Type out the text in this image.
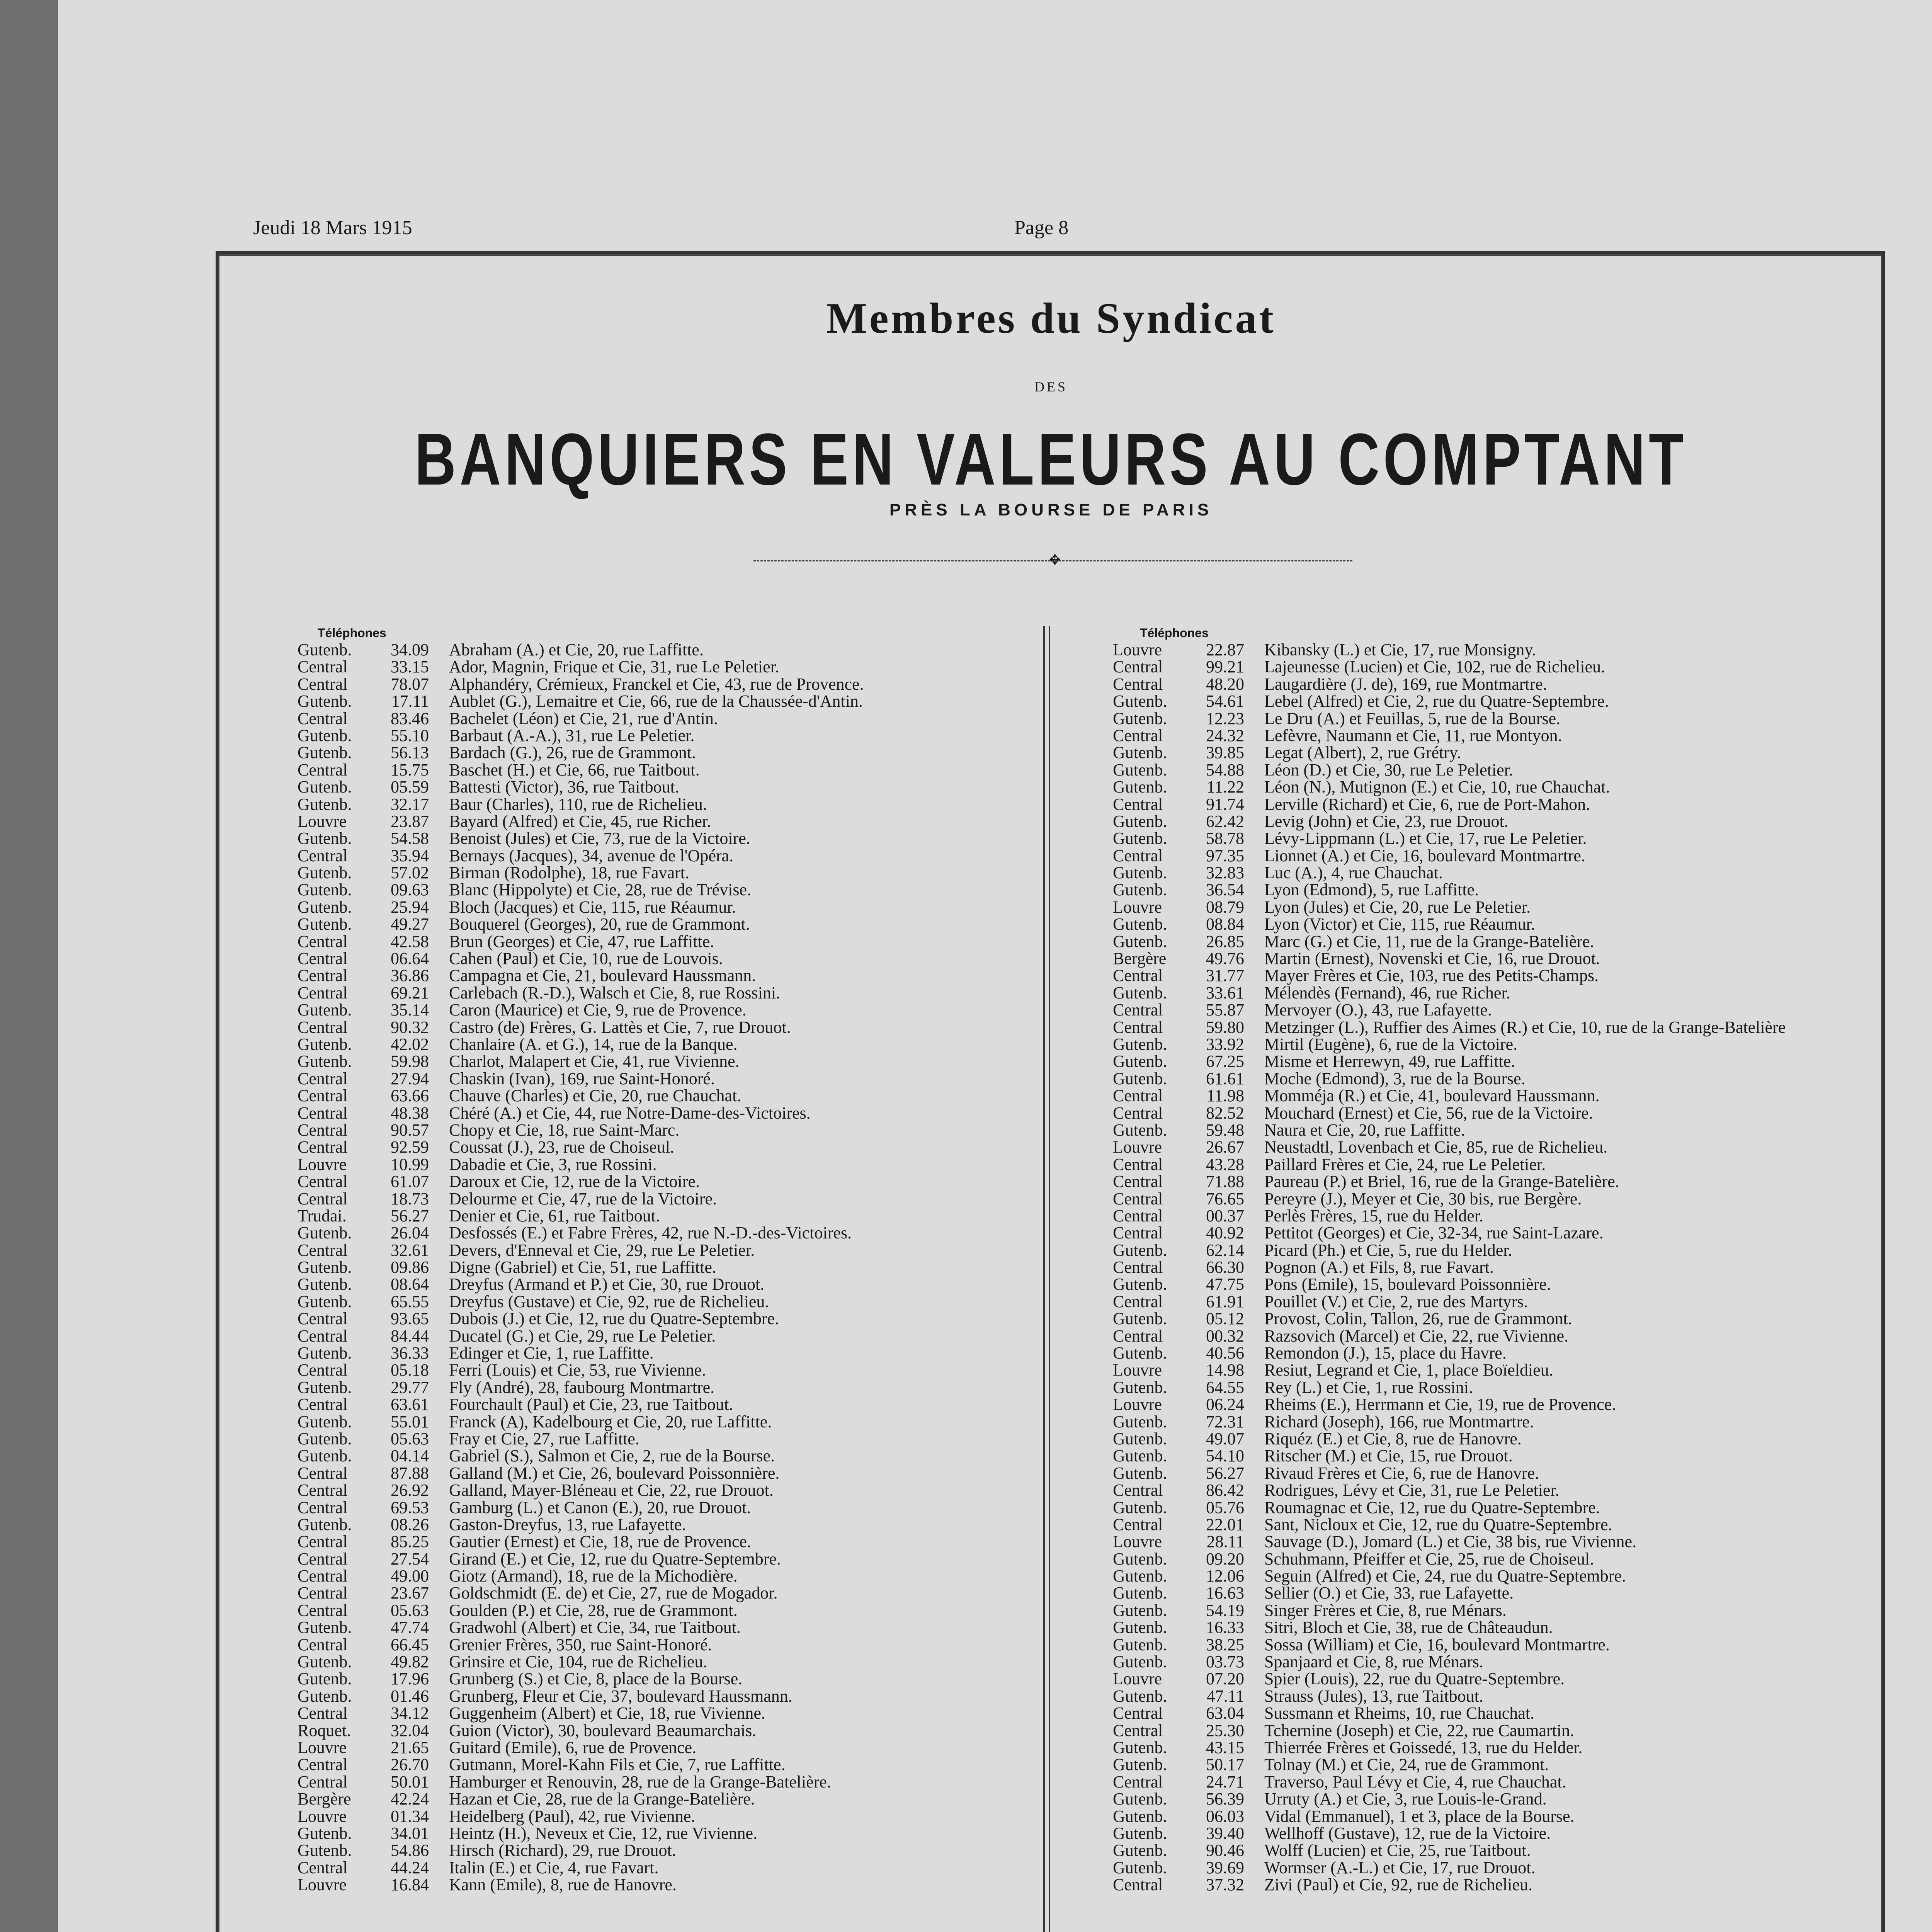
Jeudi 18 Mars 1915	Page 8
Membres du Syndicat
DES
BANQUIERS EN VALEURS AU COMPTANT
PRÈS LA BOURSE DE PARIS
✥
Téléphones	Téléphones
Gutenb.	34.09 Abraham (A.) et Cie, 20, rue Laffitte.
Central	33.15 Ador, Magnin, Frique et Cie, 31, rue Le Peletier.
Central	78.07 Alphandéry, Crémieux, Franckel et Cie, 43, rue de Provence.
Gutenb.	17.11 Aublet (G.), Lemaitre et Cie, 66, rue de la Chaussée-d'Antin.
Central	83.46 Bachelet (Léon) et Cie, 21, rue d'Antin.
Gutenb.	55.10 Barbaut (A.-A.), 31, rue Le Peletier.
Gutenb.	56.13 Bardach (G.), 26, rue de Grammont.
Central	15.75 Baschet (H.) et Cie, 66, rue Taitbout.
Gutenb.	05.59 Battesti (Victor), 36, rue Taitbout.
Gutenb.	32.17 Baur (Charles), 110, rue de Richelieu.
Louvre	23.87 Bayard (Alfred) et Cie, 45, rue Richer.
Gutenb.	54.58 Benoist (Jules) et Cie, 73, rue de la Victoire.
Central	35.94 Bernays (Jacques), 34, avenue de l'Opéra.
Gutenb.	57.02 Birman (Rodolphe), 18, rue Favart.
Gutenb.	09.63 Blanc (Hippolyte) et Cie, 28, rue de Trévise.
Gutenb.	25.94 Bloch (Jacques) et Cie, 115, rue Réaumur.
Gutenb.	49.27 Bouquerel (Georges), 20, rue de Grammont.
Central	42.58 Brun (Georges) et Cie, 47, rue Laffitte.
Central	06.64 Cahen (Paul) et Cie, 10, rue de Louvois.
Central	36.86 Campagna et Cie, 21, boulevard Haussmann.
Central	69.21 Carlebach (R.-D.), Walsch et Cie, 8, rue Rossini.
Gutenb.	35.14 Caron (Maurice) et Cie, 9, rue de Provence.
Central	90.32 Castro (de) Frères, G. Lattès et Cie, 7, rue Drouot.
Gutenb.	42.02 Chanlaire (A. et G.), 14, rue de la Banque.
Gutenb.	59.98 Charlot, Malapert et Cie, 41, rue Vivienne.
Central	27.94 Chaskin (Ivan), 169, rue Saint-Honoré.
Central	63.66 Chauve (Charles) et Cie, 20, rue Chauchat.
Central	48.38 Chéré (A.) et Cie, 44, rue Notre-Dame-des-Victoires.
Central	90.57 Chopy et Cie, 18, rue Saint-Marc.
Central	92.59 Coussat (J.), 23, rue de Choiseul.
Louvre	10.99 Dabadie et Cie, 3, rue Rossini.
Central	61.07 Daroux et Cie, 12, rue de la Victoire.
Central	18.73 Delourme et Cie, 47, rue de la Victoire.
Trudai.	56.27 Denier et Cie, 61, rue Taitbout.
Gutenb.	26.04 Desfossés (E.) et Fabre Frères, 42, rue N.-D.-des-Victoires.
Central	32.61 Devers, d'Enneval et Cie, 29, rue Le Peletier.
Gutenb.	09.86 Digne (Gabriel) et Cie, 51, rue Laffitte.
Gutenb.	08.64 Dreyfus (Armand et P.) et Cie, 30, rue Drouot.
Gutenb.	65.55 Dreyfus (Gustave) et Cie, 92, rue de Richelieu.
Central	93.65 Dubois (J.) et Cie, 12, rue du Quatre-Septembre.
Central	84.44 Ducatel (G.) et Cie, 29, rue Le Peletier.
Gutenb.	36.33 Edinger et Cie, 1, rue Laffitte.
Central	05.18 Ferri (Louis) et Cie, 53, rue Vivienne.
Gutenb.	29.77 Fly (André), 28, faubourg Montmartre.
Central	63.61 Fourchault (Paul) et Cie, 23, rue Taitbout.
Gutenb.	55.01 Franck (A), Kadelbourg et Cie, 20, rue Laffitte.
Gutenb.	05.63 Fray et Cie, 27, rue Laffitte.
Gutenb.	04.14 Gabriel (S.), Salmon et Cie, 2, rue de la Bourse.
Central	87.88 Galland (M.) et Cie, 26, boulevard Poissonnière.
Central	26.92 Galland, Mayer-Bléneau et Cie, 22, rue Drouot.
Central	69.53 Gamburg (L.) et Canon (E.), 20, rue Drouot.
Gutenb.	08.26 Gaston-Dreyfus, 13, rue Lafayette.
Central	85.25 Gautier (Ernest) et Cie, 18, rue de Provence.
Central	27.54 Girand (E.) et Cie, 12, rue du Quatre-Septembre.
Central	49.00 Giotz (Armand), 18, rue de la Michodière.
Central	23.67 Goldschmidt (E. de) et Cie, 27, rue de Mogador.
Central	05.63 Goulden (P.) et Cie, 28, rue de Grammont.
Gutenb.	47.74 Gradwohl (Albert) et Cie, 34, rue Taitbout.
Central	66.45 Grenier Frères, 350, rue Saint-Honoré.
Gutenb.	49.82 Grinsire et Cie, 104, rue de Richelieu.
Gutenb.	17.96 Grunberg (S.) et Cie, 8, place de la Bourse.
Gutenb.	01.46 Grunberg, Fleur et Cie, 37, boulevard Haussmann.
Central	34.12 Guggenheim (Albert) et Cie, 18, rue Vivienne.
Roquet.	32.04 Guion (Victor), 30, boulevard Beaumarchais.
Louvre	21.65 Guitard (Emile), 6, rue de Provence.
Central	26.70 Gutmann, Morel-Kahn Fils et Cie, 7, rue Laffitte.
Central	50.01 Hamburger et Renouvin, 28, rue de la Grange-Batelière.
Bergère	42.24 Hazan et Cie, 28, rue de la Grange-Batelière.
Louvre	01.34 Heidelberg (Paul), 42, rue Vivienne.
Gutenb.	34.01 Heintz (H.), Neveux et Cie, 12, rue Vivienne.
Gutenb.	54.86 Hirsch (Richard), 29, rue Drouot.
Central	44.24 Italin (E.) et Cie, 4, rue Favart.
Louvre	16.84 Kann (Emile), 8, rue de Hanovre.
Louvre	22.87 Kibansky (L.) et Cie, 17, rue Monsigny.
Central	99.21 Lajeunesse (Lucien) et Cie, 102, rue de Richelieu.
Central	48.20 Laugardière (J. de), 169, rue Montmartre.
Gutenb.	54.61 Lebel (Alfred) et Cie, 2, rue du Quatre-Septembre.
Gutenb.	12.23 Le Dru (A.) et Feuillas, 5, rue de la Bourse.
Central	24.32 Lefèvre, Naumann et Cie, 11, rue Montyon.
Gutenb.	39.85 Legat (Albert), 2, rue Grétry.
Gutenb.	54.88 Léon (D.) et Cie, 30, rue Le Peletier.
Gutenb.	11.22 Léon (N.), Mutignon (E.) et Cie, 10, rue Chauchat.
Central	91.74 Lerville (Richard) et Cie, 6, rue de Port-Mahon.
Gutenb.	62.42 Levig (John) et Cie, 23, rue Drouot.
Gutenb.	58.78 Lévy-Lippmann (L.) et Cie, 17, rue Le Peletier.
Central	97.35 Lionnet (A.) et Cie, 16, boulevard Montmartre.
Gutenb.	32.83 Luc (A.), 4, rue Chauchat.
Gutenb.	36.54 Lyon (Edmond), 5, rue Laffitte.
Louvre	08.79 Lyon (Jules) et Cie, 20, rue Le Peletier.
Gutenb.	08.84 Lyon (Victor) et Cie, 115, rue Réaumur.
Gutenb.	26.85 Marc (G.) et Cie, 11, rue de la Grange-Batelière.
Bergère	49.76 Martin (Ernest), Novenski et Cie, 16, rue Drouot.
Central	31.77 Mayer Frères et Cie, 103, rue des Petits-Champs.
Gutenb.	33.61 Mélendès (Fernand), 46, rue Richer.
Central	55.87 Mervoyer (O.), 43, rue Lafayette.
Central	59.80 Metzinger (L.), Ruffier des Aimes (R.) et Cie, 10, rue de la Grange-Batelière
Gutenb.	33.92 Mirtil (Eugène), 6, rue de la Victoire.
Gutenb.	67.25 Misme et Herrewyn, 49, rue Laffitte.
Gutenb.	61.61 Moche (Edmond), 3, rue de la Bourse.
Central	11.98 Momméja (R.) et Cie, 41, boulevard Haussmann.
Central	82.52 Mouchard (Ernest) et Cie, 56, rue de la Victoire.
Gutenb.	59.48 Naura et Cie, 20, rue Laffitte.
Louvre	26.67 Neustadtl, Lovenbach et Cie, 85, rue de Richelieu.
Central	43.28 Paillard Frères et Cie, 24, rue Le Peletier.
Central	71.88 Paureau (P.) et Briel, 16, rue de la Grange-Batelière.
Central	76.65 Pereyre (J.), Meyer et Cie, 30 bis, rue Bergère.
Central	00.37 Perlès Frères, 15, rue du Helder.
Central	40.92 Pettitot (Georges) et Cie, 32-34, rue Saint-Lazare.
Gutenb.	62.14 Picard (Ph.) et Cie, 5, rue du Helder.
Central	66.30 Pognon (A.) et Fils, 8, rue Favart.
Gutenb.	47.75 Pons (Emile), 15, boulevard Poissonnière.
Central	61.91 Pouillet (V.) et Cie, 2, rue des Martyrs.
Gutenb.	05.12 Provost, Colin, Tallon, 26, rue de Grammont.
Central	00.32 Razsovich (Marcel) et Cie, 22, rue Vivienne.
Gutenb.	40.56 Remondon (J.), 15, place du Havre.
Louvre	14.98 Resiut, Legrand et Cie, 1, place Boïeldieu.
Gutenb.	64.55 Rey (L.) et Cie, 1, rue Rossini.
Louvre	06.24 Rheims (E.), Herrmann et Cie, 19, rue de Provence.
Gutenb.	72.31 Richard (Joseph), 166, rue Montmartre.
Gutenb.	49.07 Riquéz (E.) et Cie, 8, rue de Hanovre.
Gutenb.	54.10 Ritscher (M.) et Cie, 15, rue Drouot.
Gutenb.	56.27 Rivaud Frères et Cie, 6, rue de Hanovre.
Central	86.42 Rodrigues, Lévy et Cie, 31, rue Le Peletier.
Gutenb.	05.76 Roumagnac et Cie, 12, rue du Quatre-Septembre.
Central	22.01 Sant, Nicloux et Cie, 12, rue du Quatre-Septembre.
Louvre	28.11 Sauvage (D.), Jomard (L.) et Cie, 38 bis, rue Vivienne.
Gutenb.	09.20 Schuhmann, Pfeiffer et Cie, 25, rue de Choiseul.
Gutenb.	12.06 Seguin (Alfred) et Cie, 24, rue du Quatre-Septembre.
Gutenb.	16.63 Sellier (O.) et Cie, 33, rue Lafayette.
Gutenb.	54.19 Singer Frères et Cie, 8, rue Ménars.
Gutenb.	16.33 Sitri, Bloch et Cie, 38, rue de Châteaudun.
Gutenb.	38.25 Sossa (William) et Cie, 16, boulevard Montmartre.
Gutenb.	03.73 Spanjaard et Cie, 8, rue Ménars.
Louvre	07.20 Spier (Louis), 22, rue du Quatre-Septembre.
Gutenb.	47.11 Strauss (Jules), 13, rue Taitbout.
Central	63.04 Sussmann et Rheims, 10, rue Chauchat.
Central	25.30 Tchernine (Joseph) et Cie, 22, rue Caumartin.
Gutenb.	43.15 Thierrée Frères et Goissedé, 13, rue du Helder.
Gutenb.	50.17 Tolnay (M.) et Cie, 24, rue de Grammont.
Central	24.71 Traverso, Paul Lévy et Cie, 4, rue Chauchat.
Gutenb.	56.39 Urruty (A.) et Cie, 3, rue Louis-le-Grand.
Gutenb.	06.03 Vidal (Emmanuel), 1 et 3, place de la Bourse.
Gutenb.	39.40 Wellhoff (Gustave), 12, rue de la Victoire.
Gutenb.	90.46 Wolff (Lucien) et Cie, 25, rue Taitbout.
Gutenb.	39.69 Wormser (A.-L.) et Cie, 17, rue Drouot.
Central	37.32 Zivi (Paul) et Cie, 92, rue de Richelieu.
